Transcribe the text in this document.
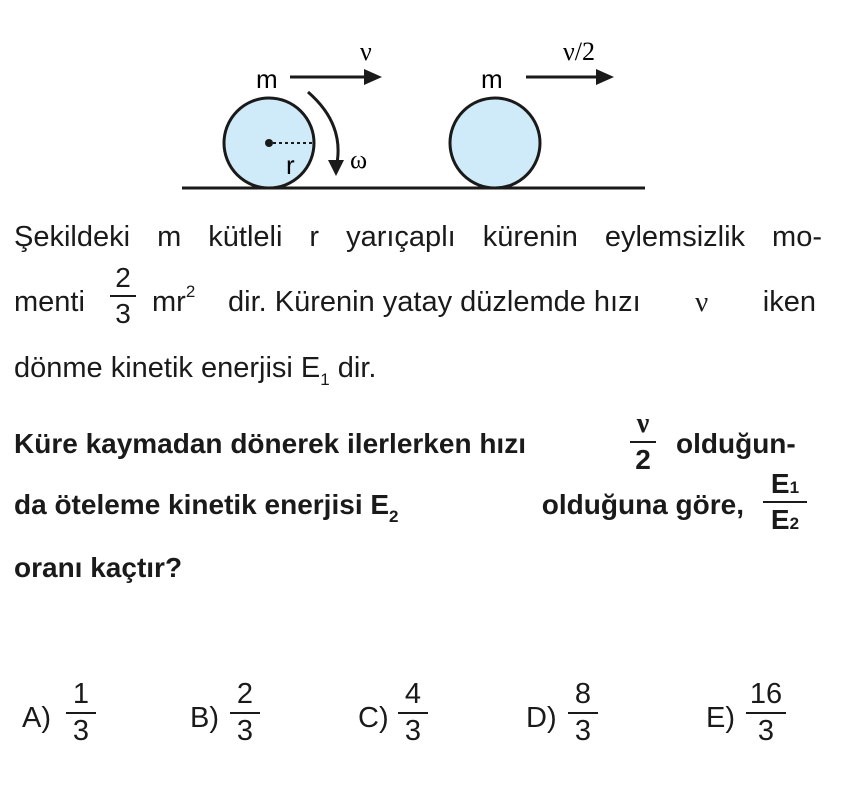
r ω
m
ν
m
ν/2
Şekildeki m kütleli r yarıçaplı kürenin eylemsizlik mo-
menti
2
3 $mr^2$ dir. Kürenin yatay düzlemde hızı ν iken
dönme kinetik enerjisi $E_1$ dir.
Küre kaymadan dönerek ilerlerken hızı
ν
2
olduğun-
da öteleme kinetik enerjisi $E_2$	olduğuna göre,
E1
E2
oranı kaçtır?
A)
1
3	B)
2
3	C)
4
3	D)
8
3	E)
16
3
